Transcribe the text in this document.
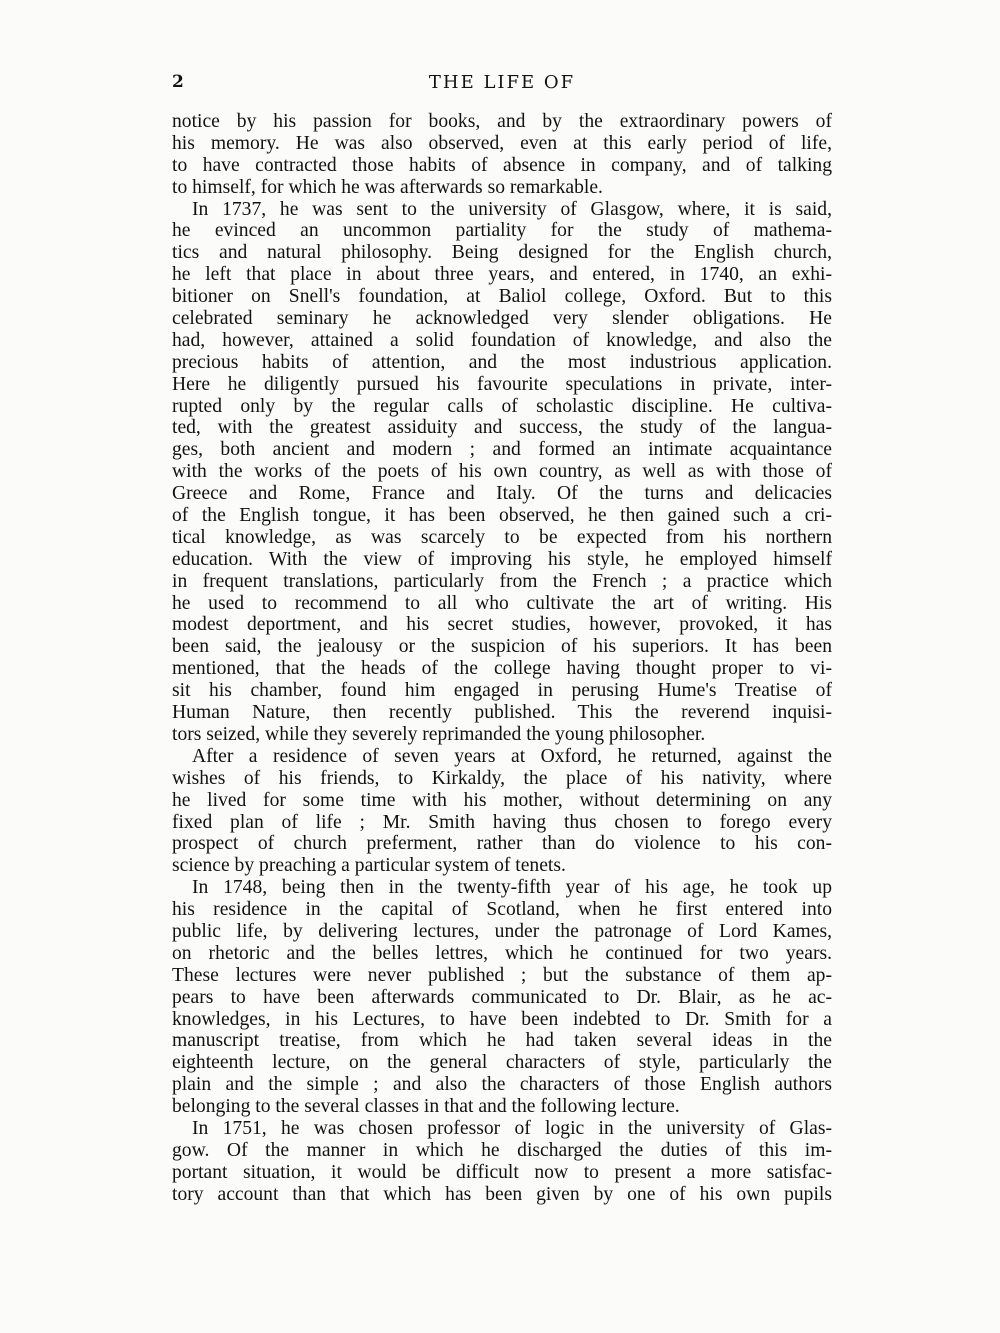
2	THE LIFE OF
notice by his passion for books, and by the extraordinary powers of
his memory. He was also observed, even at this early period of life,
to have contracted those habits of absence in company, and of talking
to himself, for which he was afterwards so remarkable.
In 1737, he was sent to the university of Glasgow, where, it is said,
he evinced an uncommon partiality for the study of mathema-
tics and natural philosophy. Being designed for the English church,
he left that place in about three years, and entered, in 1740, an exhi-
bitioner on Snell's foundation, at Baliol college, Oxford. But to this
celebrated seminary he acknowledged very slender obligations. He
had, however, attained a solid foundation of knowledge, and also the
precious habits of attention, and the most industrious application.
Here he diligently pursued his favourite speculations in private, inter-
rupted only by the regular calls of scholastic discipline. He cultiva-
ted, with the greatest assiduity and success, the study of the langua-
ges, both ancient and modern ; and formed an intimate acquaintance
with the works of the poets of his own country, as well as with those of
Greece and Rome, France and Italy. Of the turns and delicacies
of the English tongue, it has been observed, he then gained such a cri-
tical knowledge, as was scarcely to be expected from his northern
education. With the view of improving his style, he employed himself
in frequent translations, particularly from the French ; a practice which
he used to recommend to all who cultivate the art of writing. His
modest deportment, and his secret studies, however, provoked, it has
been said, the jealousy or the suspicion of his superiors. It has been
mentioned, that the heads of the college having thought proper to vi-
sit his chamber, found him engaged in perusing Hume's Treatise of
Human Nature, then recently published. This the reverend inquisi-
tors seized, while they severely reprimanded the young philosopher.
After a residence of seven years at Oxford, he returned, against the
wishes of his friends, to Kirkaldy, the place of his nativity, where
he lived for some time with his mother, without determining on any
fixed plan of life ; Mr. Smith having thus chosen to forego every
prospect of church preferment, rather than do violence to his con-
science by preaching a particular system of tenets.
In 1748, being then in the twenty-fifth year of his age, he took up
his residence in the capital of Scotland, when he first entered into
public life, by delivering lectures, under the patronage of Lord Kames,
on rhetoric and the belles lettres, which he continued for two years.
These lectures were never published ; but the substance of them ap-
pears to have been afterwards communicated to Dr. Blair, as he ac-
knowledges, in his Lectures, to have been indebted to Dr. Smith for a
manuscript treatise, from which he had taken several ideas in the
eighteenth lecture, on the general characters of style, particularly the
plain and the simple ; and also the characters of those English authors
belonging to the several classes in that and the following lecture.
In 1751, he was chosen professor of logic in the university of Glas-
gow. Of the manner in which he discharged the duties of this im-
portant situation, it would be difficult now to present a more satisfac-
tory account than that which has been given by one of his own pupils
